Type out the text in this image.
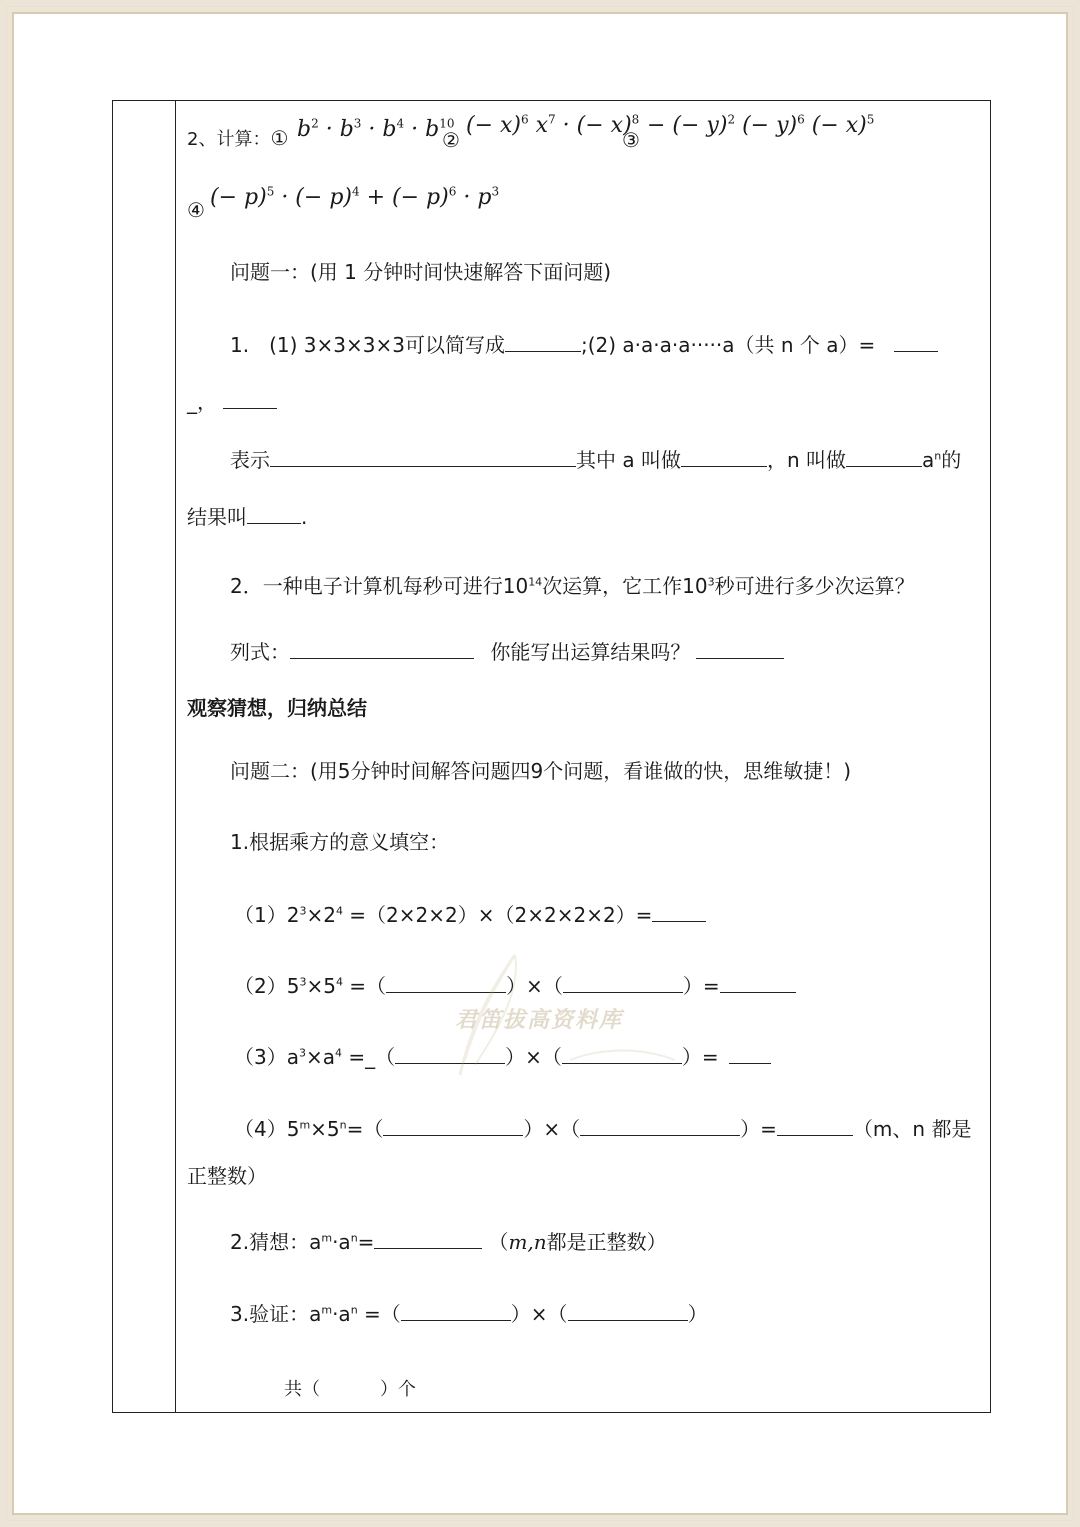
2、计算：① $b^2 \cdot b^3 \cdot b^4 \cdot b^{10}$
②
(− x)$^6$ $x^7$ · (− x)$^8$
③
− (− y)$^2$ (− y)$^6$ (− x)$^5$
④ (− p)$^5$ · (− p)$^4$ + (− $p)^6 \cdot p^3$
问题一：(用 1 分钟时间快速解答下面问题)
1.　(1) 3×3×3×3可以简写成	;(2) a·a·a·a·····a（共 n 个 a）=
_，
表示	其中 a 叫做	，n 叫做	$a^n$的
结果叫	.
2．一种电子计算机每秒可进行$10^{14}$次运算，它工作$10^3$秒可进行多少次运算？
列式：	你能写出运算结果吗？
观察猜想，归纳总结
问题二：(用5分钟时间解答问题四9个问题，看谁做的快，思维敏捷！)
1.根据乘方的意义填空：
$(1)2^3\times 2^4 =(2\times 2\times 2)\times(2\times 2\times 2\times 2)=$
$(2)5^3\times 5^4$ =（	）×（	）=
$(3)a^3\times a^4$ =_（	）×（	）=
$(4)5^m\times 5^n=$（	）×（	）=	（m、n 都是
正整数）
2.猜想：$a^m\cdot a^n=$	（m,n都是正整数）
3.验证：$a^m\cdot a^n$ =（	）×（	）
共（	）个
君笛拔高资料库
